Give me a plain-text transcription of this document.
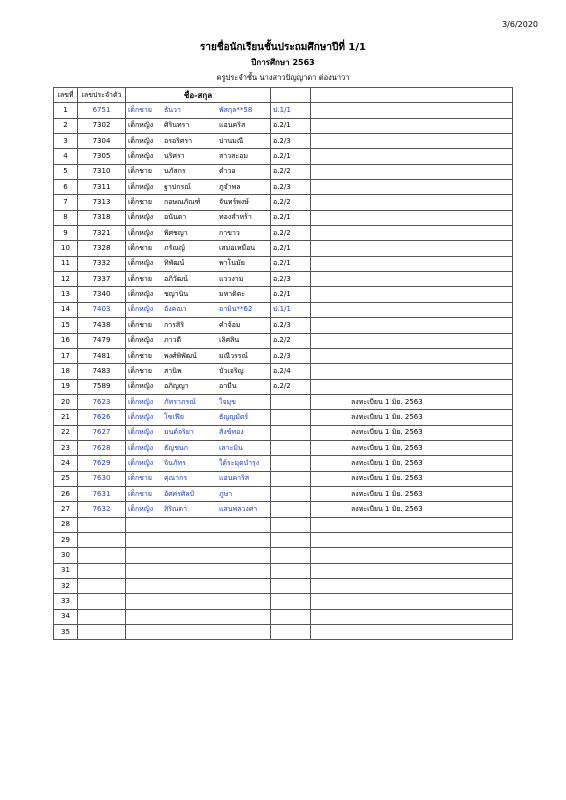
3/6/2020
รายชื่อนักเรียนชั้นประถมศึกษาปีที่ 1/1
ปีการศึกษา 2563
ครูประจำชั้น นางสาวปัญญาดา ต่องนาวา
เลขที่	เลขประจำตัว	ชื่อ-สกุล		
1	6751	เด็กชาย ธันวา พัสกุล**58	ป.1/1	
2	7302	เด็กหญิง ศิรินทรา แอนคริส	อ.2/1	
3	7304	เด็กหญิง อรอริศรา ปานมณี	อ.2/3	
4	7305	เด็กหญิง นริศรา สาวสะอม	อ.2/1	
5	7310	เด็กชาย นภัสกร ตำวอ	อ.2/2	
6	7311	เด็กหญิง ฐาปกรณ์ ภูจำพล	อ.2/3	
7	7313	เด็กชาย กอษณภัณฑ์ จันทร์พงษ์	อ.2/2	
8	7318	เด็กหญิง อนันตา ทองสำหร้า	อ.2/1	
9	7321	เด็กหญิง พิศชญา กาขาว	อ.2/2	
10	7328	เด็กชาย ภรัณญ์ เสมอเหมือน	อ.2/1	
11	7332	เด็กหญิง ทิพัฒน์ พาโนมัย	อ.2/1	
12	7337	เด็กชาย อภิวัฒน์ แววงาม	อ.2/3	
13	7340	เด็กหญิง ชญานิน มหาดิตะ	อ.2/1	
14	7403	เด็กหญิง อังคณา อามิน**62	ป.1/1	
15	7438	เด็กชาย การสิริ คำจ้อม	อ.2/3	
16	7479	เด็กหญิง ภาวดี เลิศสิน	อ.2/2	
17	7481	เด็กชาย พงศ์พิพัฒน์ มณีวรรณ์	อ.2/3	
18	7483	เด็กชาย สานิพ บัวเจริญ	อ.2/4	
19	7589	เด็กหญิง อภิญญา อามีน	อ.2/2	
20	7623	เด็กหญิง ภัทราภรณ์ ใจมุข		ลงทะเบียน 1 มิย. 2563
21	7626	เด็กหญิง โซเฟีย ธัญญมัตร์		ลงทะเบียน 1 มิย. 2563
22	7627	เด็กหญิง มนต์จริยา สังข์ทอง		ลงทะเบียน 1 มิย. 2563
23	7628	เด็กหญิง ธัญชนก เลาะมิน		ลงทะเบียน 1 มิย. 2563
24	7629	เด็กหญิง จินภัทร ใต้ระมุดบำรุง		ลงทะเบียน 1 มิย. 2563
25	7630	เด็กชาย คุณากร แอนคาริส		ลงทะเบียน 1 มิย. 2563
26	7631	เด็กชาย อัศศรศิลป์ ภูษา		ลงทะเบียน 1 มิย. 2563
27	7632	เด็กหญิง สิริณดา แสนพลวงศา		ลงทะเบียน 1 มิย. 2563
28				
29				
30				
31				
32				
33				
34				
35				
